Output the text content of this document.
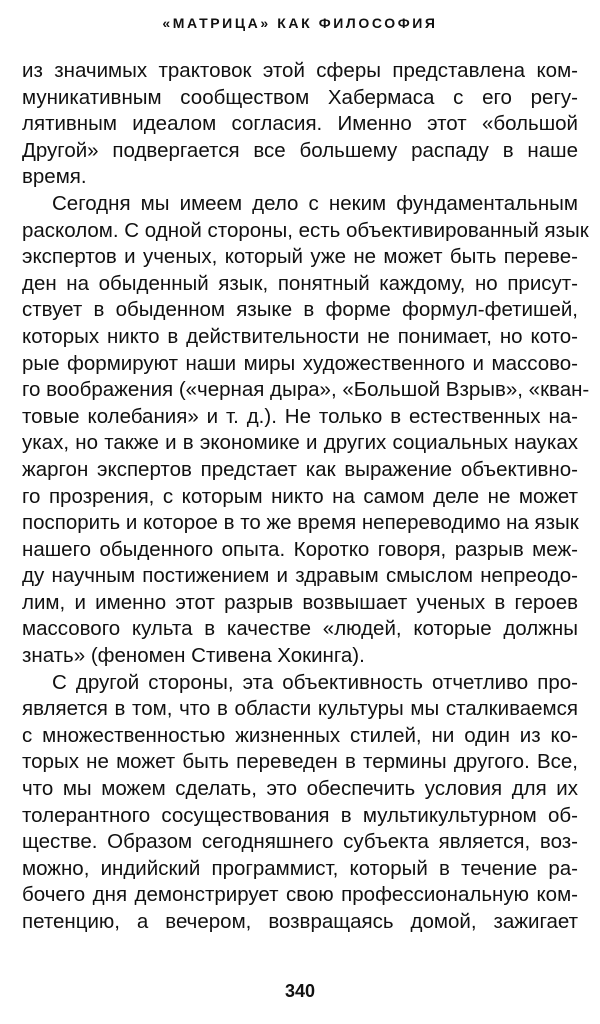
«МАТРИЦА» КАК ФИЛОСОФИЯ
из значимых трактовок этой сферы представлена ком-
муникативным сообществом Хабермаса с его регу-
лятивным идеалом согласия. Именно этот «большой
Другой» подвергается все большему распаду в наше
время.
Сегодня мы имеем дело с неким фундаментальным
расколом. С одной стороны, есть объективированный язык
экспертов и ученых, который уже не может быть переве-
ден на обыденный язык, понятный каждому, но присут-
ствует в обыденном языке в форме формул-фетишей,
которых никто в действительности не понимает, но кото-
рые формируют наши миры художественного и массово-
го воображения («черная дыра», «Большой Взрыв», «кван-
товые колебания» и т. д.). Не только в естественных на-
уках, но также и в экономике и других социальных науках
жаргон экспертов предстает как выражение объективно-
го прозрения, с которым никто на самом деле не может
поспорить и которое в то же время непереводимо на язык
нашего обыденного опыта. Коротко говоря, разрыв меж-
ду научным постижением и здравым смыслом непреодо-
лим, и именно этот разрыв возвышает ученых в героев
массового культа в качестве «людей, которые должны
знать» (феномен Стивена Хокинга).
С другой стороны, эта объективность отчетливо про-
является в том, что в области культуры мы сталкиваемся
с множественностью жизненных стилей, ни один из ко-
торых не может быть переведен в термины другого. Все,
что мы можем сделать, это обеспечить условия для их
толерантного сосуществования в мультикультурном об-
ществе. Образом сегодняшнего субъекта является, воз-
можно, индийский программист, который в течение ра-
бочего дня демонстрирует свою профессиональную ком-
петенцию, а вечером, возвращаясь домой, зажигает
340
